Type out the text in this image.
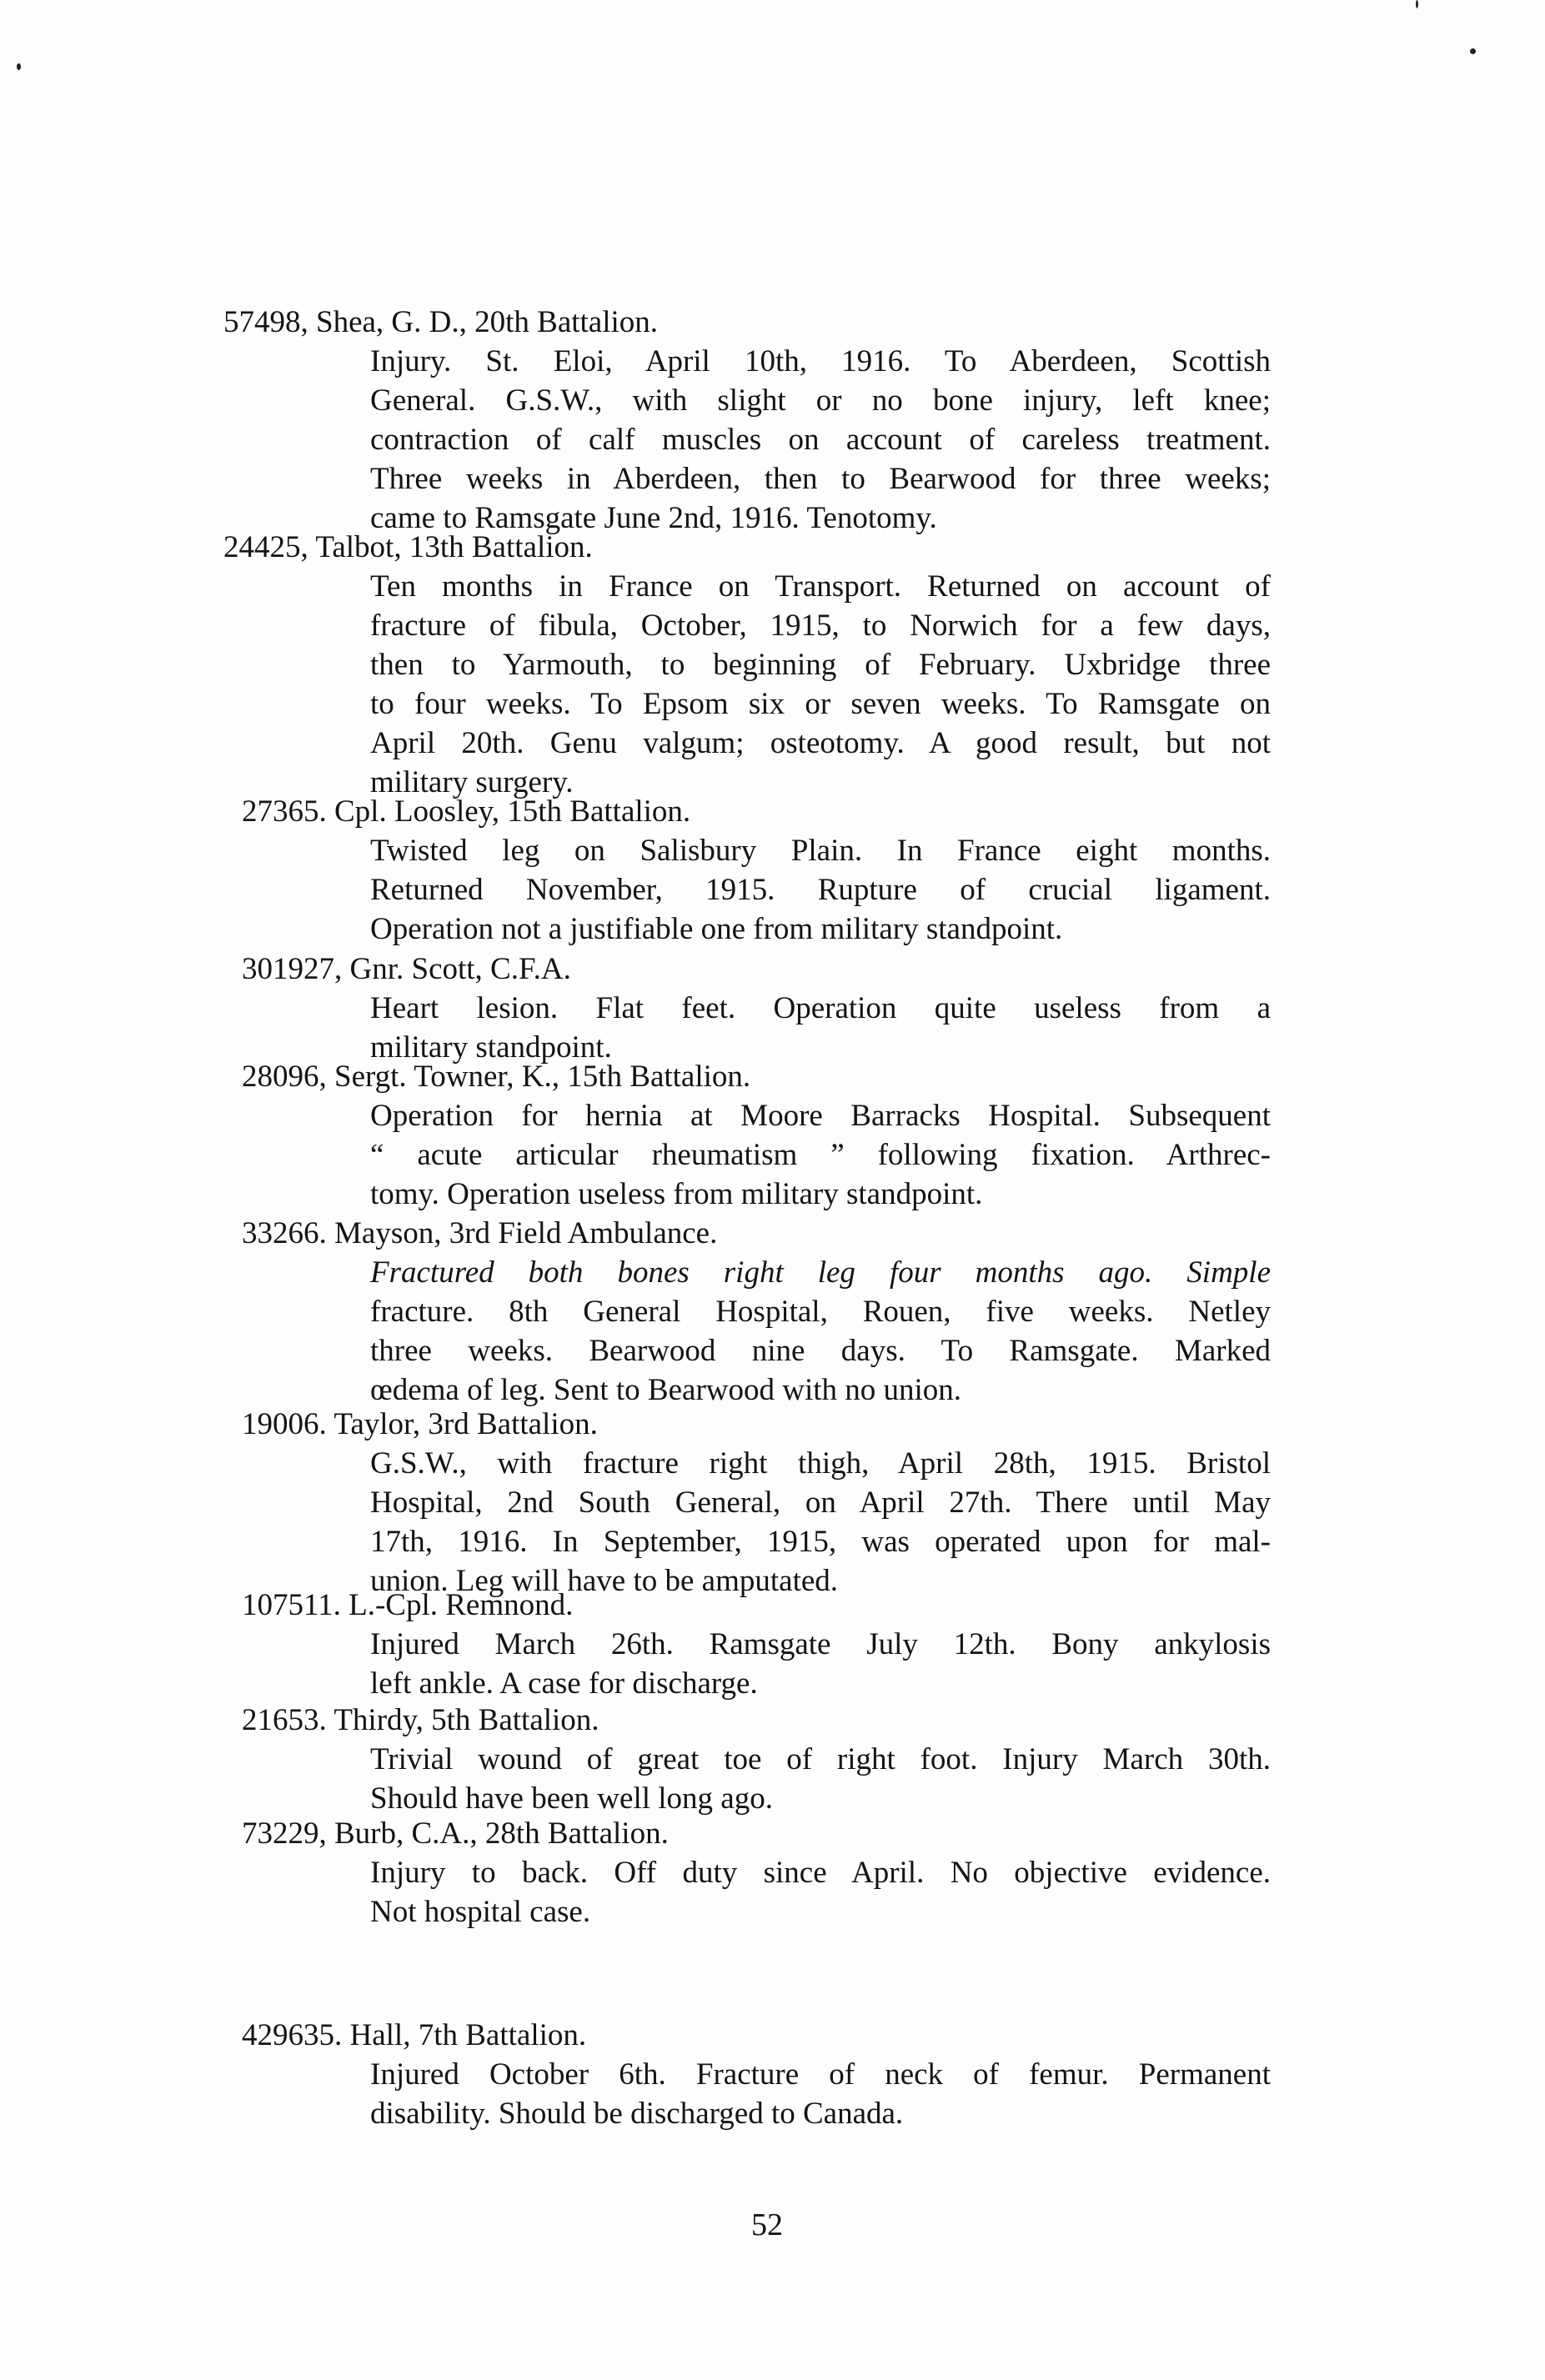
57498, Shea, G. D., 20th Battalion.
Injury. St. Eloi, April 10th, 1916. To Aberdeen, Scottish
General. G.S.W., with slight or no bone injury, left knee;
contraction of calf muscles on account of careless treatment.
Three weeks in Aberdeen, then to Bearwood for three weeks;
came to Ramsgate June 2nd, 1916. Tenotomy.
24425, Talbot, 13th Battalion.
Ten months in France on Transport. Returned on account of
fracture of fibula, October, 1915, to Norwich for a few days,
then to Yarmouth, to beginning of February. Uxbridge three
to four weeks. To Epsom six or seven weeks. To Ramsgate on
April 20th. Genu valgum; osteotomy. A good result, but not
military surgery.
27365. Cpl. Loosley, 15th Battalion.
Twisted leg on Salisbury Plain. In France eight months.
Returned November, 1915. Rupture of crucial ligament.
Operation not a justifiable one from military standpoint.
301927, Gnr. Scott, C.F.A.
Heart lesion. Flat feet. Operation quite useless from a
military standpoint.
28096, Sergt. Towner, K., 15th Battalion.
Operation for hernia at Moore Barracks Hospital. Subsequent
“ acute articular rheumatism ” following fixation. Arthrec-
tomy. Operation useless from military standpoint.
33266. Mayson, 3rd Field Ambulance.
Fractured both bones right leg four months ago. Simple
fracture. 8th General Hospital, Rouen, five weeks. Netley
three weeks. Bearwood nine days. To Ramsgate. Marked
œdema of leg. Sent to Bearwood with no union.
19006. Taylor, 3rd Battalion.
G.S.W., with fracture right thigh, April 28th, 1915. Bristol
Hospital, 2nd South General, on April 27th. There until May
17th, 1916. In September, 1915, was operated upon for mal-
union. Leg will have to be amputated.
107511. L.-Cpl. Remnond.
Injured March 26th. Ramsgate July 12th. Bony ankylosis
left ankle. A case for discharge.
21653. Thirdy, 5th Battalion.
Trivial wound of great toe of right foot. Injury March 30th.
Should have been well long ago.
73229, Burb, C.A., 28th Battalion.
Injury to back. Off duty since April. No objective evidence.
Not hospital case.
429635. Hall, 7th Battalion.
Injured October 6th. Fracture of neck of femur. Permanent
disability. Should be discharged to Canada.
52
